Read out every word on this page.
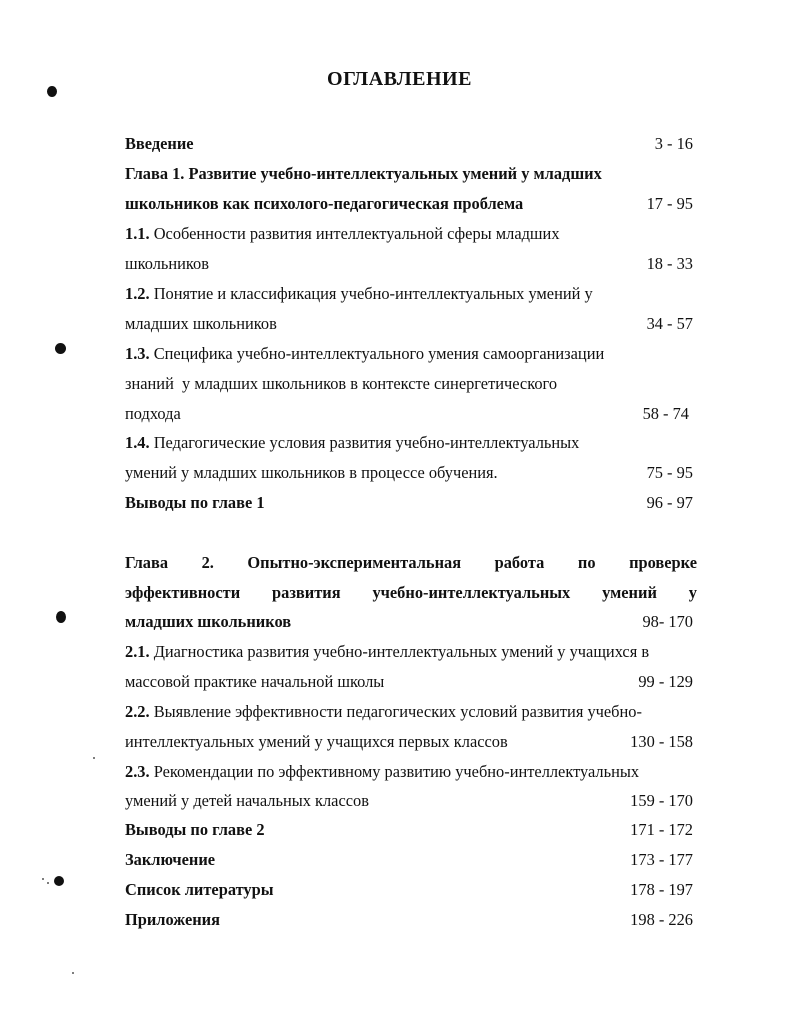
ОГЛАВЛЕНИЕ
Введение	3 - 16
Глава 1. Развитие учебно-интеллектуальных умений у младших
школьников как психолого-педагогическая проблема	17 - 95
1.1. Особенности развития интеллектуальной сферы младших
школьников	18 - 33
1.2. Понятие и классификация учебно-интеллектуальных умений у
младших школьников	34 - 57
1.3. Специфика учебно-интеллектуального умения самоорганизации
знаний  у младших школьников в контексте синергетического
подхода	58 - 74
1.4. Педагогические условия развития учебно-интеллектуальных
умений у младших школьников в процессе обучения.	75 - 95
Выводы по главе 1	96 - 97
Глава 2. Опытно-экспериментальная работа по проверке
эффективности развития учебно-интеллектуальных умений у
младших школьников	98- 170
2.1. Диагностика развития учебно-интеллектуальных умений у учащихся в
массовой практике начальной школы	99 - 129
2.2. Выявление эффективности педагогических условий развития учебно-
интеллектуальных умений у учащихся первых классов	130 - 158
2.3. Рекомендации по эффективному развитию учебно-интеллектуальных
умений у детей начальных классов	159 - 170
Выводы по главе 2	171 - 172
Заключение	173 - 177
Список литературы	178 - 197
Приложения	198 - 226
